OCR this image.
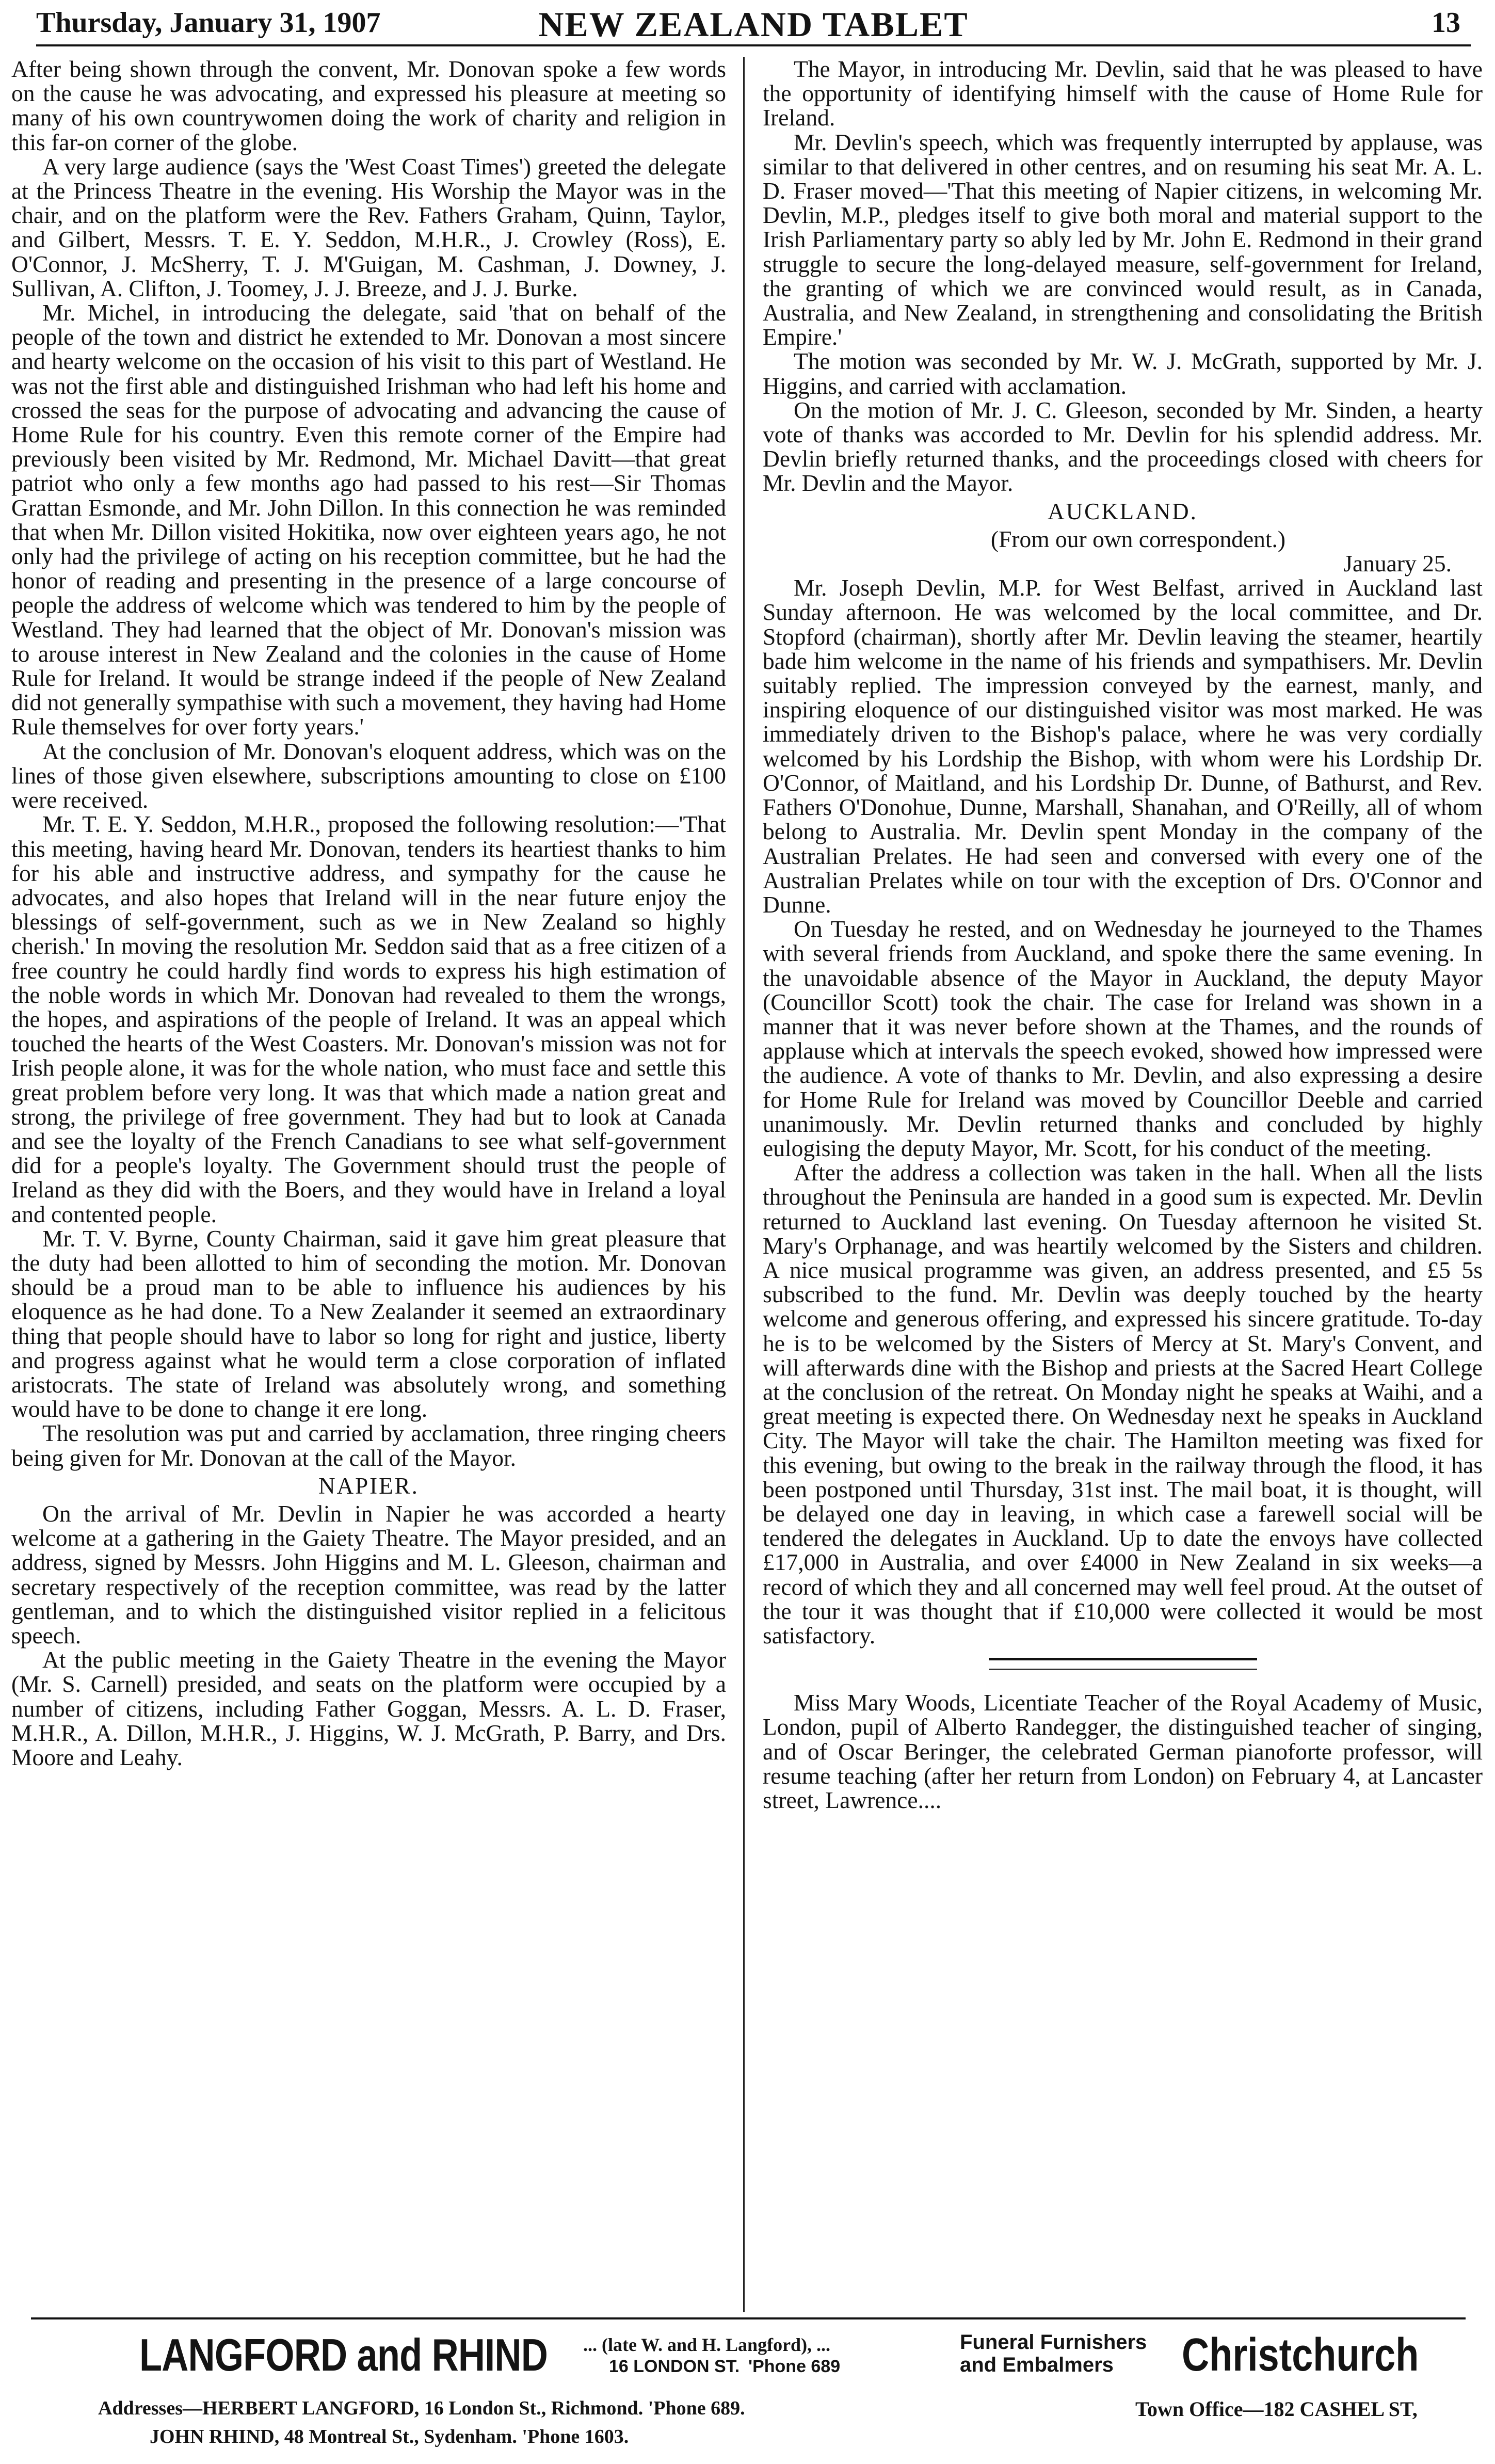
Thursday, January 31, 1907	NEW ZEALAND TABLET	13

After being shown through the convent, Mr. Donovan spoke a few words on the cause he was advocating, and expressed his pleasure at meeting so many of his own countrywomen doing the work of charity and religion in this far-on corner of the globe.

A very large audience (says the 'West Coast Times') greeted the delegate at the Princess Theatre in the evening. His Worship the Mayor was in the chair, and on the platform were the Rev. Fathers Graham, Quinn, Taylor, and Gilbert, Messrs. T. E. Y. Seddon, M.H.R., J. Crowley (Ross), E. O'Connor, J. McSherry, T. J. M'Guigan, M. Cashman, J. Downey, J. Sullivan, A. Clifton, J. Toomey, J. J. Breeze, and J. J. Burke.

Mr. Michel, in introducing the delegate, said 'that on behalf of the people of the town and district he extended to Mr. Donovan a most sincere and hearty welcome on the occasion of his visit to this part of Westland. He was not the first able and distinguished Irishman who had left his home and crossed the seas for the purpose of advocating and advancing the cause of Home Rule for his country. Even this remote corner of the Empire had previously been visited by Mr. Redmond, Mr. Michael Davitt—that great patriot who only a few months ago had passed to his rest—Sir Thomas Grattan Esmonde, and Mr. John Dillon. In this connection he was reminded that when Mr. Dillon visited Hokitika, now over eighteen years ago, he not only had the privilege of acting on his reception committee, but he had the honor of reading and presenting in the presence of a large concourse of people the address of welcome which was tendered to him by the people of Westland. They had learned that the object of Mr. Donovan's mission was to arouse interest in New Zealand and the colonies in the cause of Home Rule for Ireland. It would be strange indeed if the people of New Zealand did not generally sympathise with such a movement, they having had Home Rule themselves for over forty years.'

At the conclusion of Mr. Donovan's eloquent address, which was on the lines of those given elsewhere, subscriptions amounting to close on £100 were received.

Mr. T. E. Y. Seddon, M.H.R., proposed the following resolution:—'That this meeting, having heard Mr. Donovan, tenders its heartiest thanks to him for his able and instructive address, and sympathy for the cause he advocates, and also hopes that Ireland will in the near future enjoy the blessings of self-government, such as we in New Zealand so highly cherish.' In moving the resolution Mr. Seddon said that as a free citizen of a free country he could hardly find words to express his high estimation of the noble words in which Mr. Donovan had revealed to them the wrongs, the hopes, and aspirations of the people of Ireland. It was an appeal which touched the hearts of the West Coasters. Mr. Donovan's mission was not for Irish people alone, it was for the whole nation, who must face and settle this great problem before very long. It was that which made a nation great and strong, the privilege of free government. They had but to look at Canada and see the loyalty of the French Canadians to see what self-government did for a people's loyalty. The Government should trust the people of Ireland as they did with the Boers, and they would have in Ireland a loyal and contented people.

Mr. T. V. Byrne, County Chairman, said it gave him great pleasure that the duty had been allotted to him of seconding the motion. Mr. Donovan should be a proud man to be able to influence his audiences by his eloquence as he had done. To a New Zealander it seemed an extraordinary thing that people should have to labor so long for right and justice, liberty and progress against what he would term a close corporation of inflated aristocrats. The state of Ireland was absolutely wrong, and something would have to be done to change it ere long.

The resolution was put and carried by acclamation, three ringing cheers being given for Mr. Donovan at the call of the Mayor.

NAPIER.

On the arrival of Mr. Devlin in Napier he was accorded a hearty welcome at a gathering in the Gaiety Theatre. The Mayor presided, and an address, signed by Messrs. John Higgins and M. L. Gleeson, chairman and secretary respectively of the reception committee, was read by the latter gentleman, and to which the distinguished visitor replied in a felicitous speech.

At the public meeting in the Gaiety Theatre in the evening the Mayor (Mr. S. Carnell) presided, and seats on the platform were occupied by a number of citizens, including Father Goggan, Messrs. A. L. D. Fraser, M.H.R., A. Dillon, M.H.R., J. Higgins, W. J. McGrath, P. Barry, and Drs. Moore and Leahy.

The Mayor, in introducing Mr. Devlin, said that he was pleased to have the opportunity of identifying himself with the cause of Home Rule for Ireland.

Mr. Devlin's speech, which was frequently interrupted by applause, was similar to that delivered in other centres, and on resuming his seat Mr. A. L. D. Fraser moved—'That this meeting of Napier citizens, in welcoming Mr. Devlin, M.P., pledges itself to give both moral and material support to the Irish Parliamentary party so ably led by Mr. John E. Redmond in their grand struggle to secure the long-delayed measure, self-government for Ireland, the granting of which we are convinced would result, as in Canada, Australia, and New Zealand, in strengthening and consolidating the British Empire.'

The motion was seconded by Mr. W. J. McGrath, supported by Mr. J. Higgins, and carried with acclamation.

On the motion of Mr. J. C. Gleeson, seconded by Mr. Sinden, a hearty vote of thanks was accorded to Mr. Devlin for his splendid address. Mr. Devlin briefly returned thanks, and the proceedings closed with cheers for Mr. Devlin and the Mayor.

AUCKLAND.

(From our own correspondent.)

January 25.

Mr. Joseph Devlin, M.P. for West Belfast, arrived in Auckland last Sunday afternoon. He was welcomed by the local committee, and Dr. Stopford (chairman), shortly after Mr. Devlin leaving the steamer, heartily bade him welcome in the name of his friends and sympathisers. Mr. Devlin suitably replied. The impression conveyed by the earnest, manly, and inspiring eloquence of our distinguished visitor was most marked. He was immediately driven to the Bishop's palace, where he was very cordially welcomed by his Lordship the Bishop, with whom were his Lordship Dr. O'Connor, of Maitland, and his Lordship Dr. Dunne, of Bathurst, and Rev. Fathers O'Donohue, Dunne, Marshall, Shanahan, and O'Reilly, all of whom belong to Australia. Mr. Devlin spent Monday in the company of the Australian Prelates. He had seen and conversed with every one of the Australian Prelates while on tour with the exception of Drs. O'Connor and Dunne.

On Tuesday he rested, and on Wednesday he journeyed to the Thames with several friends from Auckland, and spoke there the same evening. In the unavoidable absence of the Mayor in Auckland, the deputy Mayor (Councillor Scott) took the chair. The case for Ireland was shown in a manner that it was never before shown at the Thames, and the rounds of applause which at intervals the speech evoked, showed how impressed were the audience. A vote of thanks to Mr. Devlin, and also expressing a desire for Home Rule for Ireland was moved by Councillor Deeble and carried unanimously. Mr. Devlin returned thanks and concluded by highly eulogising the deputy Mayor, Mr. Scott, for his conduct of the meeting.

After the address a collection was taken in the hall. When all the lists throughout the Peninsula are handed in a good sum is expected. Mr. Devlin returned to Auckland last evening. On Tuesday afternoon he visited St. Mary's Orphanage, and was heartily welcomed by the Sisters and children. A nice musical programme was given, an address presented, and £5 5s subscribed to the fund. Mr. Devlin was deeply touched by the hearty welcome and generous offering, and expressed his sincere gratitude. To-day he is to be welcomed by the Sisters of Mercy at St. Mary's Convent, and will afterwards dine with the Bishop and priests at the Sacred Heart College at the conclusion of the retreat. On Monday night he speaks at Waihi, and a great meeting is expected there. On Wednesday next he speaks in Auckland City. The Mayor will take the chair. The Hamilton meeting was fixed for this evening, but owing to the break in the railway through the flood, it has been postponed until Thursday, 31st inst. The mail boat, it is thought, will be delayed one day in leaving, in which case a farewell social will be tendered the delegates in Auckland. Up to date the envoys have collected £17,000 in Australia, and over £4000 in New Zealand in six weeks—a record of which they and all concerned may well feel proud. At the outset of the tour it was thought that if £10,000 were collected it would be most satisfactory.

Miss Mary Woods, Licentiate Teacher of the Royal Academy of Music, London, pupil of Alberto Randegger, the distinguished teacher of singing, and of Oscar Beringer, the celebrated German pianoforte professor, will resume teaching (after her return from London) on February 4, at Lancaster street, Lawrence....

LANGFORD and RHIND ... (late W. and H. Langford), ...
16 LONDON ST. 'Phone 689
Funeral Furnishers
and Embalmers	Christchurch
Addresses—HERBERT LANGFORD, 16 London St., Richmond. 'Phone 689.
JOHN RHIND, 48 Montreal St., Sydenham. 'Phone 1603.
Town Office—182 CASHEL ST,
